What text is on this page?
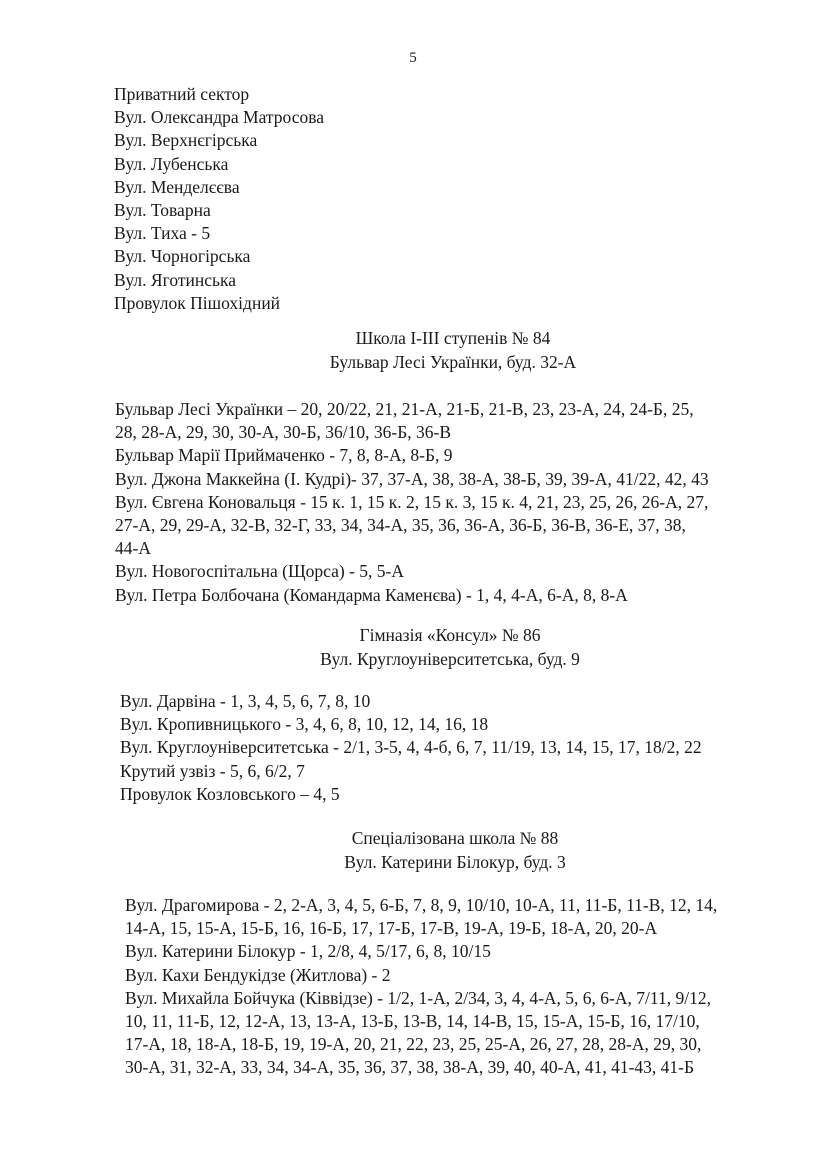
5
Приватний сектор
Вул. Олександра Матросова
Вул. Верхнєгірська
Вул. Лубенська
Вул. Менделєєва
Вул. Товарна
Вул. Тиха - 5
Вул. Чорногірська
Вул. Яготинська
Провулок Пішохідний
Школа І-ІІІ ступенів № 84
Бульвар Лесі Українки, буд. 32-А
Бульвар Лесі Українки – 20, 20/22, 21, 21-А, 21-Б, 21-В, 23, 23-А, 24, 24-Б, 25,
28, 28-А, 29, 30, 30-А, 30-Б, 36/10, 36-Б, 36-В
Бульвар Марії Приймаченко - 7, 8, 8-А, 8-Б, 9
Вул. Джона Маккейна (І. Кудрі)- 37, 37-А, 38, 38-А, 38-Б, 39, 39-А, 41/22, 42, 43
Вул. Євгена Коновальця - 15 к. 1, 15 к. 2, 15 к. 3, 15 к. 4, 21, 23, 25, 26, 26-А, 27,
27-А, 29, 29-А, 32-В, 32-Г, 33, 34, 34-А, 35, 36, 36-А, 36-Б, 36-В, 36-Е, 37, 38,
44-А
Вул. Новогоспітальна (Щорса) - 5, 5-А
Вул. Петра Болбочана (Командарма Каменєва) - 1, 4, 4-А, 6-А, 8, 8-А
Гімназія «Консул» № 86
Вул. Круглоуніверситетська, буд. 9
Вул. Дарвіна - 1, 3, 4, 5, 6, 7, 8, 10
Вул. Кропивницького - 3, 4, 6, 8, 10, 12, 14, 16, 18
Вул. Круглоуніверситетська - 2/1, 3-5, 4, 4-б, 6, 7, 11/19, 13, 14, 15, 17, 18/2, 22
Крутий узвіз - 5, 6, 6/2, 7
Провулок Козловського – 4, 5
Спеціалізована школа № 88
Вул. Катерини Білокур, буд. 3
Вул. Драгомирова - 2, 2-А, 3, 4, 5, 6-Б, 7, 8, 9, 10/10, 10-А, 11, 11-Б, 11-В, 12, 14,
14-А, 15, 15-А, 15-Б, 16, 16-Б, 17, 17-Б, 17-В, 19-А, 19-Б, 18-А, 20, 20-А
Вул. Катерини Білокур - 1, 2/8, 4, 5/17, 6, 8, 10/15
Вул. Кахи Бендукідзе (Житлова) - 2
Вул. Михайла Бойчука (Ківвідзе) - 1/2, 1-А, 2/34, 3, 4, 4-А, 5, 6, 6-А, 7/11, 9/12,
10, 11, 11-Б, 12, 12-А, 13, 13-А, 13-Б, 13-В, 14, 14-В, 15, 15-А, 15-Б, 16, 17/10,
17-А, 18, 18-А, 18-Б, 19, 19-А, 20, 21, 22, 23, 25, 25-А, 26, 27, 28, 28-А, 29, 30,
30-А, 31, 32-А, 33, 34, 34-А, 35, 36, 37, 38, 38-А, 39, 40, 40-А, 41, 41-43, 41-Б
